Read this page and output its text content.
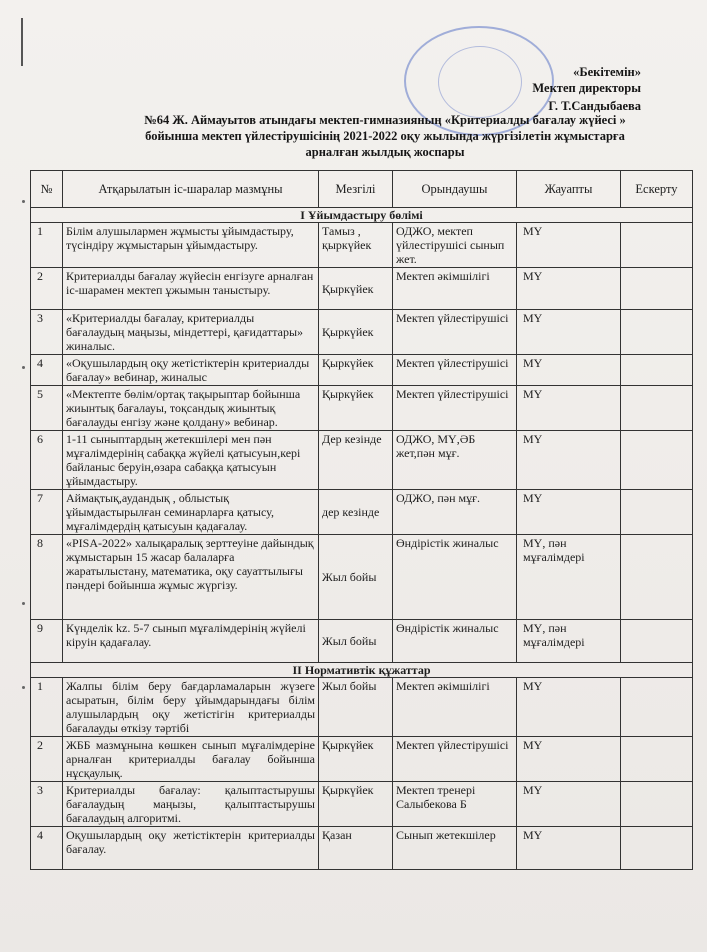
«Бекітемін»
Мектеп директоры
Г. Т.Сандыбаева
№64 Ж. Аймауытов атындағы мектеп-гимназияның «Критериалды бағалау жүйесі »
бойынша мектеп үйлестірушісінің 2021-2022 оқу жылында жүргізілетін жұмыстарға
арналған жылдық жоспары
№	Атқарылатын іс-шаралар мазмұны	Мезгілі	Орындаушы	Жауапты	Ескерту
I Ұйымдастыру бөлімі					
1	Білім алушылармен жұмысты ұйымдастыру, түсіндіру жұмыстарын ұйымдастыру.	Тамыз , қыркүйек	ОДЖО, мектеп үйлестірушісі сынып жет.	МҮ	
2	Критериалды бағалау жүйесін енгізуге арналған іс-шарамен мектеп ұжымын таныстыру.	Қыркүйек	Мектеп әкімшілігі	МҮ	
3	«Критериалды бағалау, критериалды бағалаудың маңызы, міндеттері, қағидаттары» жиналыс.	Қыркүйек	Мектеп үйлестірушісі	МҮ	
4	«Оқушылардың оқу жетістіктерін критериалды бағалау» вебинар, жиналыс	Қыркүйек	Мектеп үйлестірушісі	МҮ	
5	«Мектепте бөлім/ортақ тақырыптар бойынша жиынтық бағалауы, тоқсандық жиынтық бағалауды енгізу және қолдану» вебинар.	Қыркүйек	Мектеп үйлестірушісі	МҮ	
6	1-11 сыныптардың жетекшілері мен пән мұғалімдерінің сабаққа жүйелі қатысуын,кері байланыс беруін,өзара сабаққа қатысуын ұйымдастыру.	Дер кезінде	ОДЖО, МҮ,ӘБ жет,пән мұғ.	МҮ	
7	Аймақтық,аудандық , облыстық ұйымдастырылған семинарларға қатысу, мұғалімдердің қатысуын қадағалау.	дер кезінде	ОДЖО, пән мұғ.	МҮ	
8	«PISA-2022» халықаралық зерттеуіне дайындық жұмыстарын 15 жасар балаларға жаратылыстану, математика, оқу сауаттылығы пәндері бойынша жұмыс жүргізу.	Жыл бойы	Өндірістік жиналыс	МҮ, пән мұғалімдері	
9	Күнделік kz. 5-7 сынып мұғалімдерінің жүйелі кіруін қадағалау.	Жыл бойы	Өндірістік жиналыс	МҮ, пән мұғалімдері	
II Нормативтік құжаттар					
1	Жалпы білім беру бағдарламаларын жүзеге асыратын, білім беру ұйымдарындағы білім алушылардың оқу жетістігін критериалды бағалауды өткізу тәртібі	Жыл бойы	Мектеп әкімшілігі	МҮ	
2	ЖББ мазмұнына көшкен сынып мұғалімдеріне арналған критериалды бағалау бойынша нұсқаулық.	Қыркүйек	Мектеп үйлестірушісі	МҮ	
3	Критериалды бағалау: қалыптастырушы бағалаудың маңызы, қалыптастырушы бағалаудың алгоритмі.	Қыркүйек	Мектеп тренері Салыбекова Б	МҮ	
4	Оқушылардың оқу жетістіктерін критериалды бағалау.	Қазан	Сынып жетекшілер	МҮ	
